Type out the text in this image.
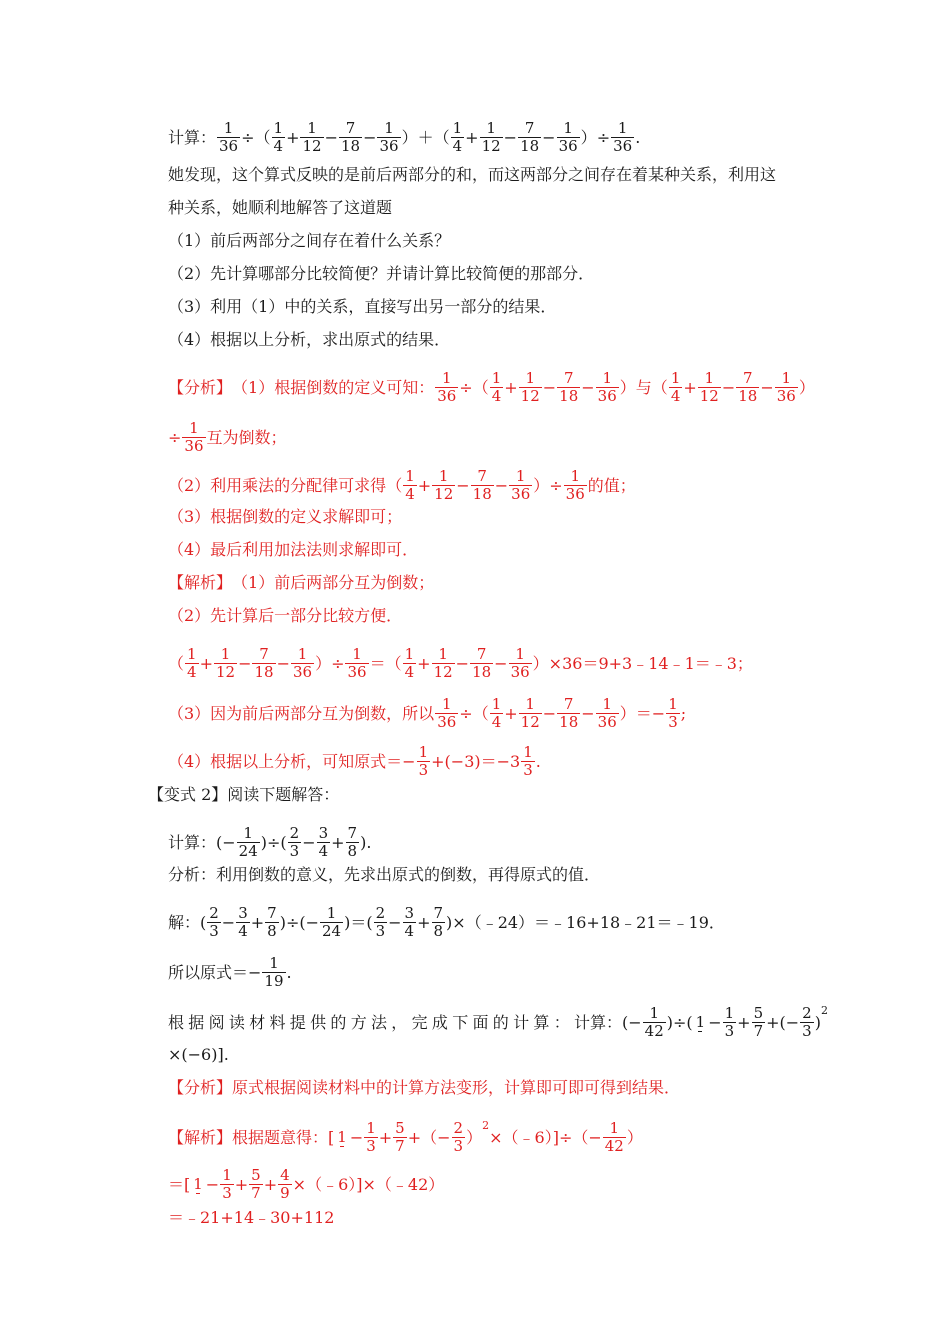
计算： $\frac{1}{36}$ ÷ （ $\frac{1}{4} + \frac{1}{12} - \frac{7}{18} - \frac{1}{36}$ ） ＋ （ $\frac{1}{4} + \frac{1}{12} - \frac{7}{18} - \frac{1}{36}$ ） ÷ $\frac{1}{36}$ .
她发现，这个算式反映的是前后两部分的和，而这两部分之间存在着某种关系，利用这
种关系，她顺利地解答了这道题
（1）前后两部分之间存在着什么关系？
（2）先计算哪部分比较简便？并请计算比较简便的那部分．
（3）利用（1）中的关系，直接写出另一部分的结果．
（4）根据以上分析，求出原式的结果．
【分析】 （1）根据倒数的定义可知： $\frac{1}{36}$ ÷ （ $\frac{1}{4} + \frac{1}{12} - \frac{7}{18} - \frac{1}{36}$ ） 与 （ $\frac{1}{4} + \frac{1}{12} - \frac{7}{18} - \frac{1}{36}$ ）
÷ $\frac{1}{36}$ 互为倒数；
（2）利用乘法的分配律可求得 （ $\frac{1}{4} + \frac{1}{12} - \frac{7}{18} - \frac{1}{36}$ ） ÷ $\frac{1}{36}$ 的值；
（3）根据倒数的定义求解即可；
（4）最后利用加法法则求解即可．
【解析】 （1）前后两部分互为倒数；
（2）先计算后一部分比较方便．
（ $\frac{1}{4} + \frac{1}{12} - \frac{7}{18} - \frac{1}{36}$ ） ÷ $\frac{1}{36}$ ＝ （ $\frac{1}{4} + \frac{1}{12} - \frac{7}{18} - \frac{1}{36}$ ） ×36＝9+3﹣14﹣1＝﹣3；
（3）因为前后两部分互为倒数，所以 $\frac{1}{36}$ ÷ （ $\frac{1}{4} + \frac{1}{12} - \frac{7}{18} - \frac{1}{36}$ ） ＝− $\frac{1}{3}$ ;
（4）根据以上分析，可知原式＝− $\frac{1}{3} +(-3)=-3 \frac{1}{3}$ .
【变式 2】阅读下题解答：
计算：(− $\frac{1}{24}$ )÷( $\frac{2}{3} - \frac{3}{4} + \frac{7}{8}$ ).
分析：利用倒数的意义，先求出原式的倒数，再得原式的值．
解：( $\frac{2}{3} - \frac{3}{4} + \frac{7}{8}$ )÷(− $\frac{1}{24}$ )＝( $\frac{2}{3} - \frac{3}{4} + \frac{7}{8}$ )×（﹣24）＝﹣16+18﹣21＝﹣19．
所以原式＝− $\frac{1}{19}$ .
根据阅读材料提供的方法，完成下面的计算： 计算：(− $\frac{1}{42}$ )÷( $1 - \frac{1}{3} + \frac{5}{7}$ + (− $\frac{2}{3}$ )
2
×(−6)].
【分析】 原式根据阅读材料中的计算方法变形，计算即可即可得到结果．
【解析】 根据题意得：[ $1 - \frac{1}{3} + \frac{5}{7}$ + （ − $\frac{2}{3}$ ）
2
×（﹣6）]÷（− $\frac{1}{42}$ ）
＝[ $1 - \frac{1}{3} + \frac{5}{7} + \frac{4}{9}$ ×（﹣6）]×（﹣42）
＝﹣21+14﹣30+112
